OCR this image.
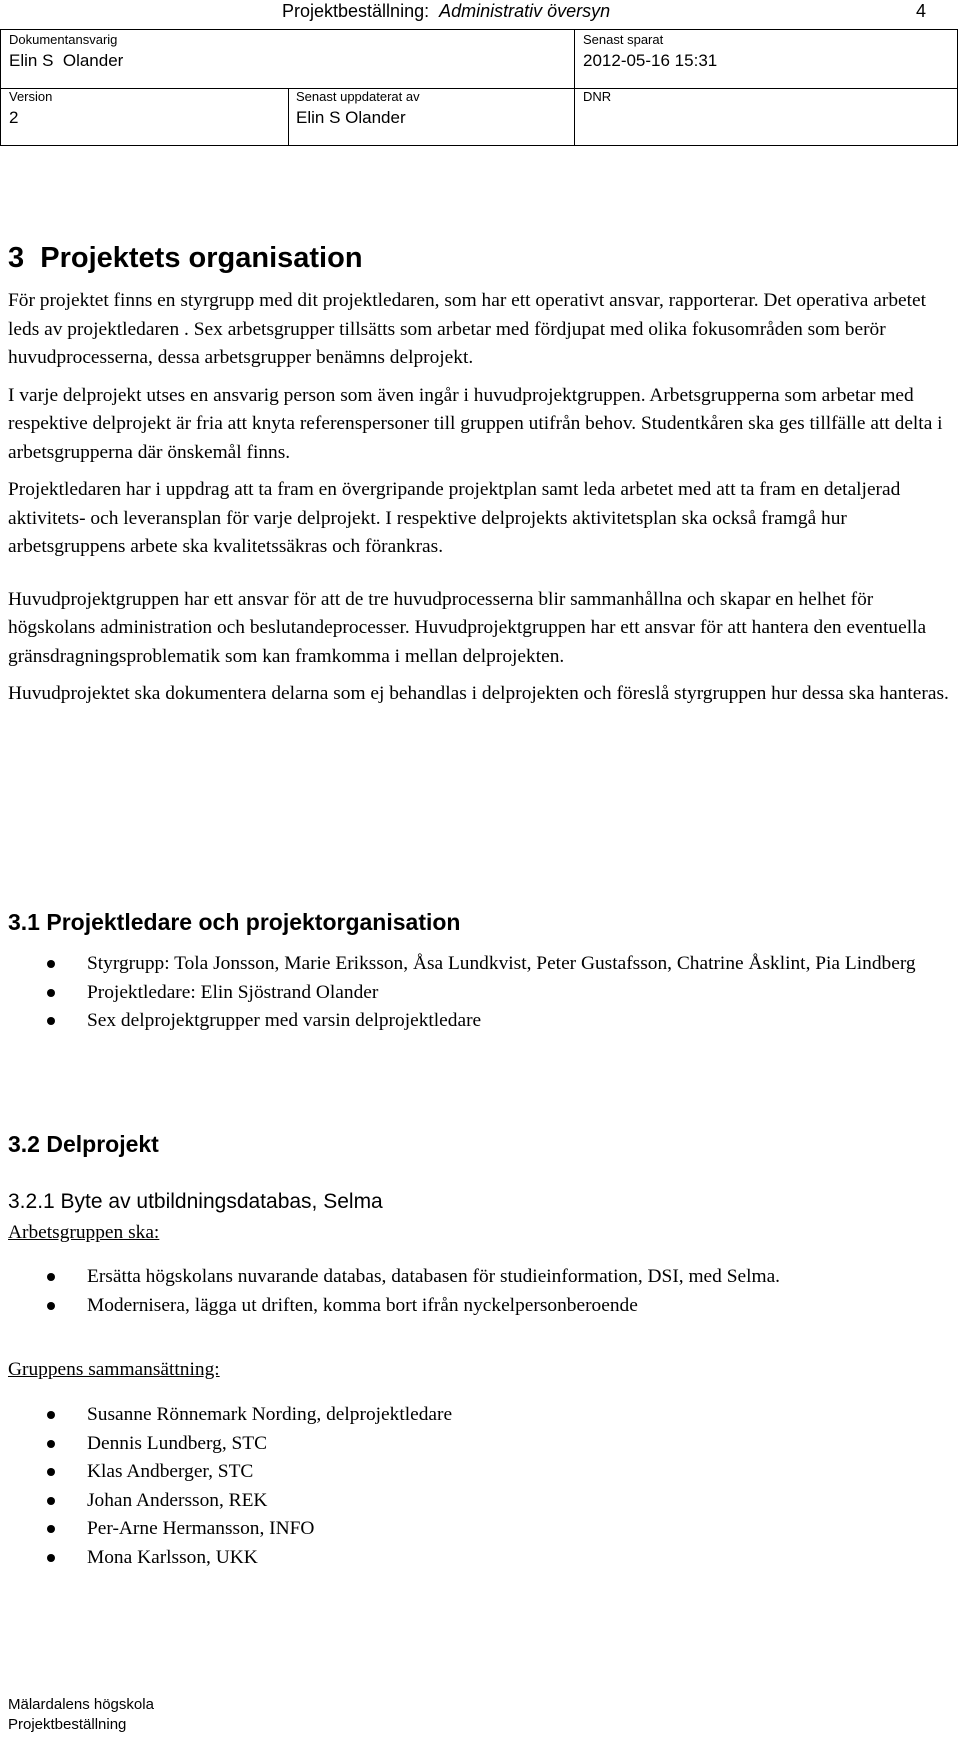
Projektbeställning: Administrativ översyn	4
Dokumentansvarig
Elin S  Olander
Senast sparat
2012-05-16 15:31
Version
2
Senast uppdaterat av
Elin S Olander
DNR
3  Projektets organisation

För projektet finns en styrgrupp med dit projektledaren, som har ett operativt ansvar, rapporterar. Det operativa arbetet leds av projektledaren . Sex arbetsgrupper tillsätts som arbetar med fördjupat med olika fokusområden som berör huvudprocesserna, dessa arbetsgrupper benämns delprojekt.

I varje delprojekt utses en ansvarig person som även ingår i huvudprojektgruppen. Arbetsgrupperna som arbetar med respektive delprojekt är fria att knyta referenspersoner till gruppen utifrån behov. Studentkåren ska ges tillfälle att delta i arbetsgrupperna där önskemål finns.

Projektledaren har i uppdrag att ta fram en övergripande projektplan samt leda arbetet med att ta fram en detaljerad aktivitets- och leveransplan för varje delprojekt. I respektive delprojekts aktivitetsplan ska också framgå hur arbetsgruppens arbete ska kvalitetssäkras och förankras.

Huvudprojektgruppen har ett ansvar för att de tre huvudprocesserna blir sammanhållna och skapar en helhet för högskolans administration och beslutandeprocesser. Huvudprojektgruppen har ett ansvar för att hantera den eventuella gränsdragningsproblematik som kan framkomma i mellan delprojekten.

Huvudprojektet ska dokumentera delarna som ej behandlas i delprojekten och föreslå styrgruppen hur dessa ska hanteras.

3.1 Projektledare och projektorganisation
Styrgrupp: Tola Jonsson, Marie Eriksson, Åsa Lundkvist, Peter Gustafsson, Chatrine Åsklint, Pia Lindberg
Projektledare: Elin Sjöstrand Olander
Sex delprojektgrupper med varsin delprojektledare
3.2 Delprojekt
3.2.1 Byte av utbildningsdatabas, Selma
Arbetsgruppen ska:
Ersätta högskolans nuvarande databas, databasen för studieinformation, DSI, med Selma.
Modernisera, lägga ut driften, komma bort ifrån nyckelpersonberoende
Gruppens sammansättning:
Susanne Rönnemark Nording, delprojektledare
Dennis Lundberg, STC
Klas Andberger, STC
Johan Andersson, REK
Per-Arne Hermansson, INFO
Mona Karlsson, UKK
Mälardalens högskola
Projektbeställning
